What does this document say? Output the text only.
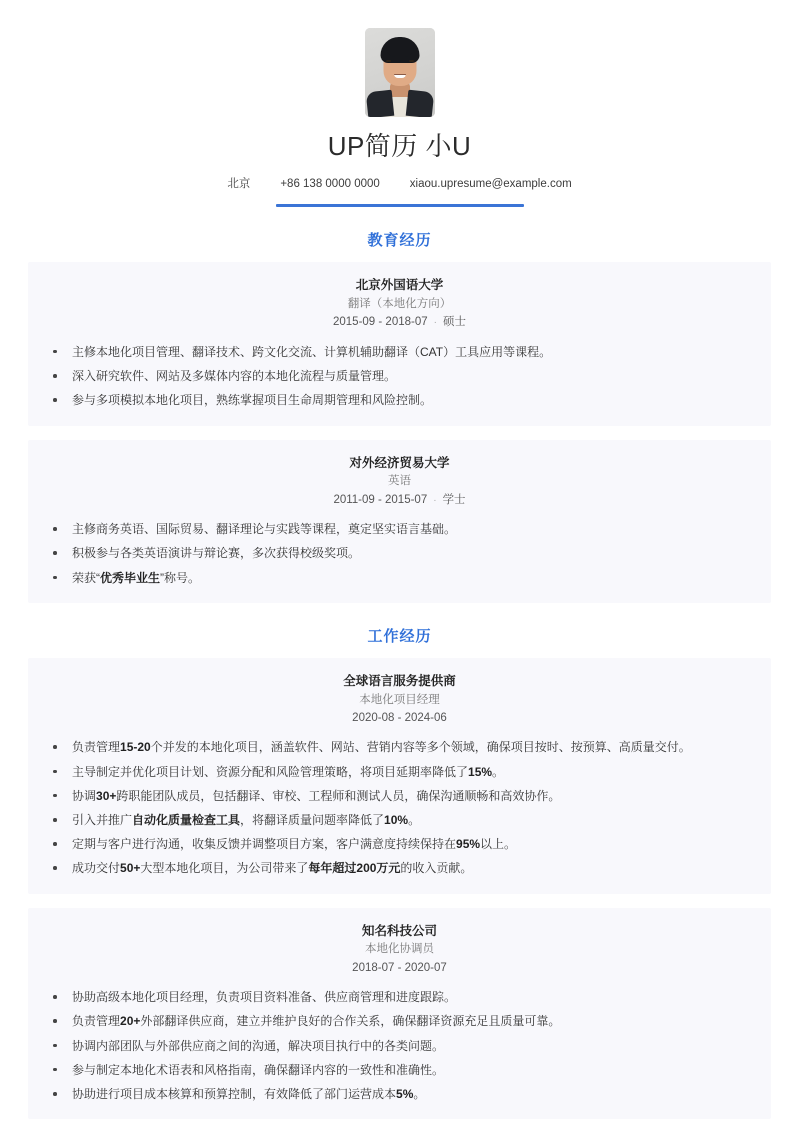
UP简历 小U
北京	+86 138 0000 0000	xiaou.upresume@example.com
教育经历
北京外国语大学
翻译（本地化方向）
2015-09 - 2018-07 · 硕士
主修本地化项目管理、翻译技术、跨文化交流、计算机辅助翻译（CAT）工具应用等课程。
深入研究软件、网站及多媒体内容的本地化流程与质量管理。
参与多项模拟本地化项目，熟练掌握项目生命周期管理和风险控制。
对外经济贸易大学
英语
2011-09 - 2015-07 · 学士
主修商务英语、国际贸易、翻译理论与实践等课程，奠定坚实语言基础。
积极参与各类英语演讲与辩论赛，多次获得校级奖项。
荣获“优秀毕业生”称号。
工作经历
全球语言服务提供商
本地化项目经理
2020-08 - 2024-06
负责管理15-20个并发的本地化项目，涵盖软件、网站、营销内容等多个领域，确保项目按时、按预算、高质量交付。
主导制定并优化项目计划、资源分配和风险管理策略，将项目延期率降低了15%。
协调30+跨职能团队成员，包括翻译、审校、工程师和测试人员，确保沟通顺畅和高效协作。
引入并推广自动化质量检查工具，将翻译质量问题率降低了10%。
定期与客户进行沟通，收集反馈并调整项目方案，客户满意度持续保持在95%以上。
成功交付50+大型本地化项目，为公司带来了每年超过200万元的收入贡献。
知名科技公司
本地化协调员
2018-07 - 2020-07
协助高级本地化项目经理，负责项目资料准备、供应商管理和进度跟踪。
负责管理20+外部翻译供应商，建立并维护良好的合作关系，确保翻译资源充足且质量可靠。
协调内部团队与外部供应商之间的沟通，解决项目执行中的各类问题。
参与制定本地化术语表和风格指南，确保翻译内容的一致性和准确性。
协助进行项目成本核算和预算控制，有效降低了部门运营成本5%。
